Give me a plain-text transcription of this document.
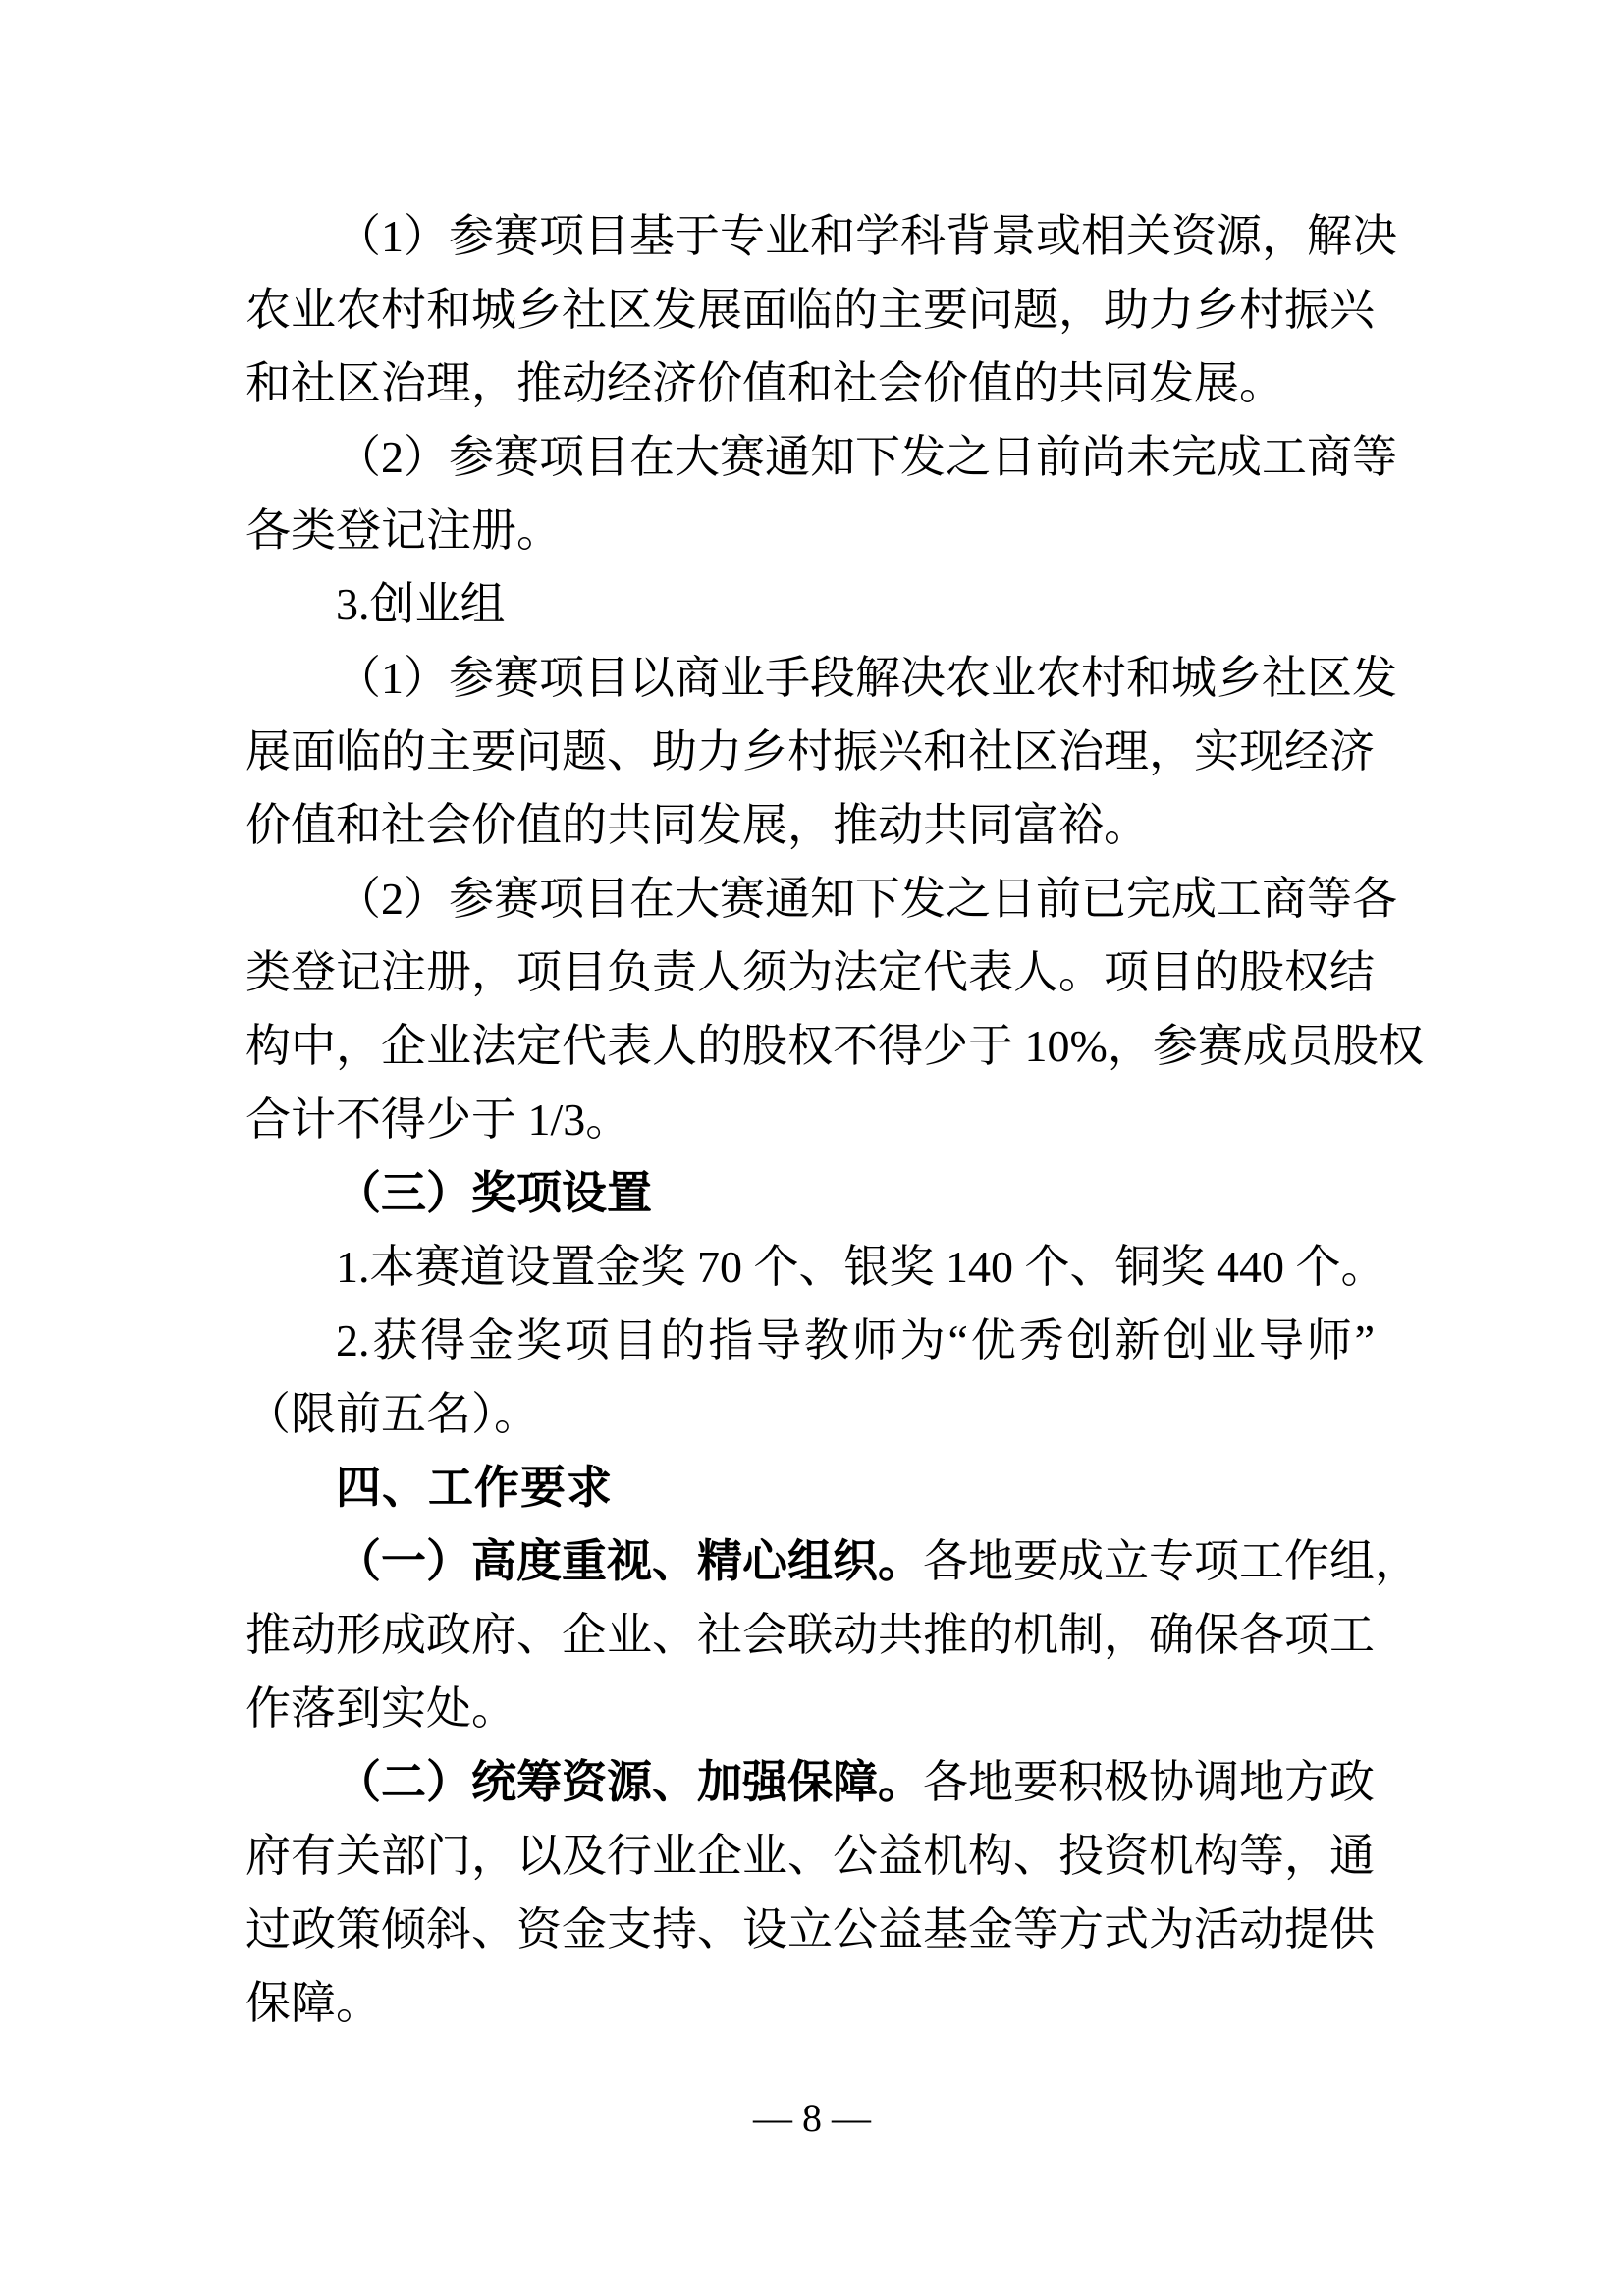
（1）参赛项目基于专业和学科背景或相关资源，解决
农业农村和城乡社区发展面临的主要问题，助力乡村振兴
和社区治理，推动经济价值和社会价值的共同发展。
（2）参赛项目在大赛通知下发之日前尚未完成工商等
各类登记注册。
3.创业组
（1）参赛项目以商业手段解决农业农村和城乡社区发
展面临的主要问题、助力乡村振兴和社区治理，实现经济
价值和社会价值的共同发展，推动共同富裕。
（2）参赛项目在大赛通知下发之日前已完成工商等各
类登记注册，项目负责人须为法定代表人。项目的股权结
构中，企业法定代表人的股权不得少于 10%，参赛成员股权
合计不得少于 1/3。
（三）奖项设置
1.本赛道设置金奖 70 个、银奖 140 个、铜奖 440 个。
2.获得金奖项目的指导教师为“优秀创新创业导师”
（限前五名）。
四、工作要求
（一）高度重视、精心组织。各地要成立专项工作组，
推动形成政府、企业、社会联动共推的机制，确保各项工
作落到实处。
（二）统筹资源、加强保障。各地要积极协调地方政
府有关部门，以及行业企业、公益机构、投资机构等，通
过政策倾斜、资金支持、设立公益基金等方式为活动提供
保障。
— 8 —
